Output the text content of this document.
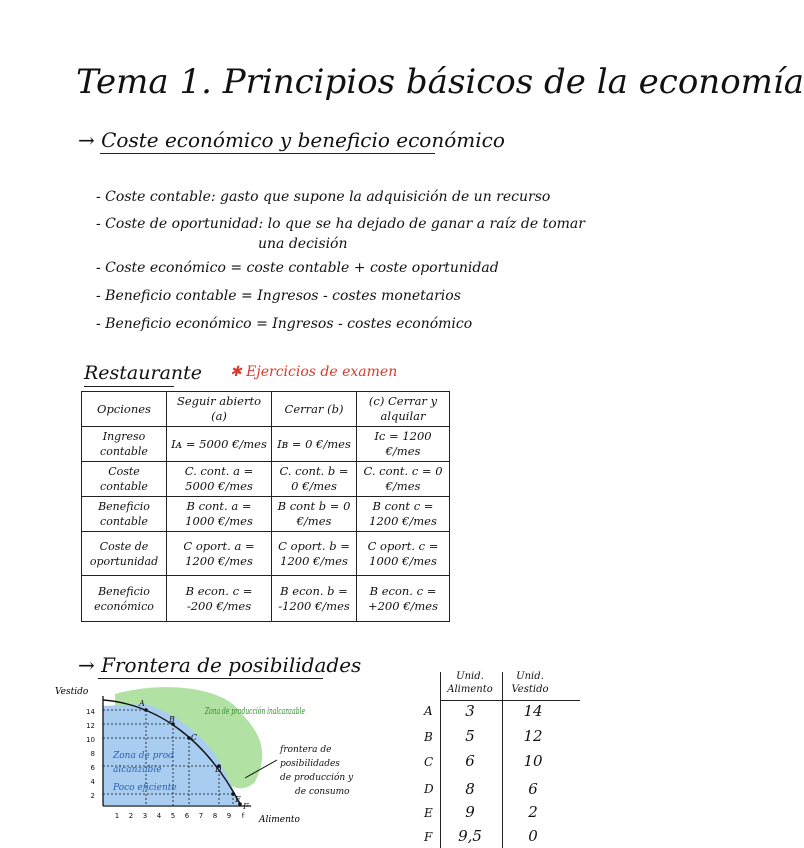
Tema 1. Principios básicos de la economía
→ Coste económico y beneficio económico
- Coste contable: gasto que supone la adquisición de un recurso
- Coste de oportunidad: lo que se ha dejado de ganar a raíz de tomar
una decisión
- Coste económico = coste contable + coste oportunidad
- Beneficio contable = Ingresos - costes monetarios
- Beneficio económico = Ingresos - costes económico
Restaurante ✱ Ejercicios de examen
Opciones	Seguir abierto (a)	Cerrar (b)	(c) Cerrar y alquilar
Ingreso contable	Iᴀ = 5000 €/mes	Iʙ = 0 €/mes	Iᴄ = 1200 €/mes
Coste contable	C. cont. a = 5000 €/mes	C. cont. b = 0 €/mes	C. cont. c = 0 €/mes
Beneficio contable	B cont. a = 1000 €/mes	B cont b = 0 €/mes	B cont c = 1200 €/mes
Coste de oportunidad	C oport. a = 1200 €/mes	C oport. b = 1200 €/mes	C oport. c = 1000 €/mes
Beneficio económico	B econ. c = -200 €/mes	B econ. b = -1200 €/mes	B econ. c = +200 €/mes
→ Frontera de posibilidades
A
B
C
D
E
F
Vestido
Alimento
2
4
6
8
10
12
14
1 2 3 4 5 6 7 8 9 f
Zona de producción inalcanzable
Zona de prod
alcanzable
Poco eficiente
frontera de
posibilidades
de producción y
de consumo
Unid. Alimento
Unid. Vestido
A	3	14
B	5	12
C	6	10
D	8	6
E	9	2
F	9,5	0
